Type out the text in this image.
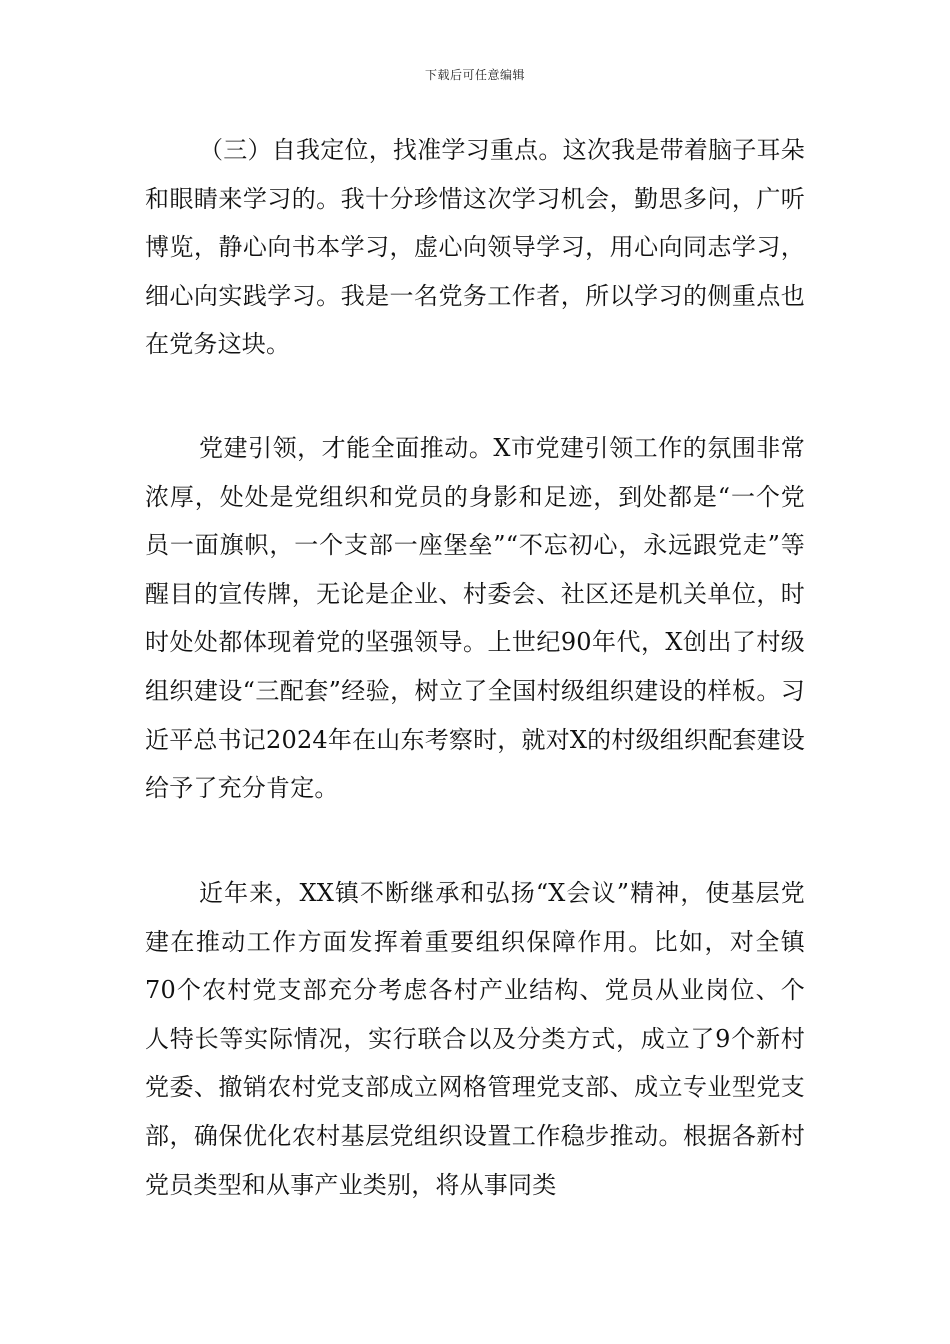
下载后可任意编辑

（三）自我定位，找准学习重点。这次我是带着脑子耳朵和眼睛来学习的。我十分珍惜这次学习机会，勤思多问，广听博览，静心向书本学习，虚心向领导学习，用心向同志学习，细心向实践学习。我是一名党务工作者，所以学习的侧重点也在党务这块。

党建引领，才能全面推动。X市党建引领工作的氛围非常浓厚，处处是党组织和党员的身影和足迹，到处都是“一个党员一面旗帜，一个支部一座堡垒”“不忘初心，永远跟党走”等醒目的宣传牌，无论是企业、村委会、社区还是机关单位，时时处处都体现着党的坚强领导。上世纪90年代，X创出了村级组织建设“三配套”经验，树立了全国村级组织建设的样板。习近平总书记2024年在山东考察时，就对X的村级组织配套建设给予了充分肯定。

近年来，XX镇不断继承和弘扬“X会议”精神，使基层党建在推动工作方面发挥着重要组织保障作用。比如，对全镇70个农村党支部充分考虑各村产业结构、党员从业岗位、个人特长等实际情况，实行联合以及分类方式，成立了9个新村党委、撤销农村党支部成立网格管理党支部、成立专业型党支部，确保优化农村基层党组织设置工作稳步推动。根据各新村党员类型和从事产业类别，将从事同类
